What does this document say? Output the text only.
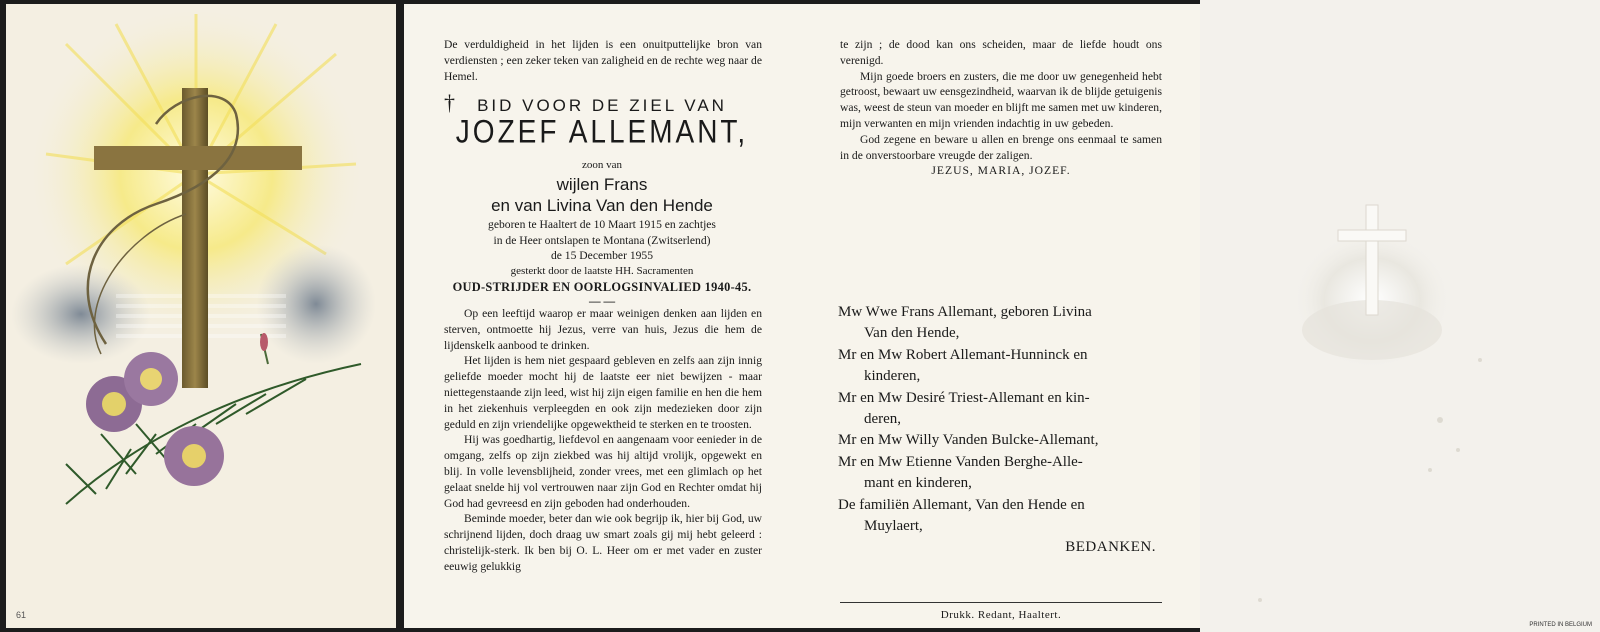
61

De verduldigheid in het lijden is een onuitputtelijke bron van verdiensten ; een zeker teken van zaligheid en de rechte weg naar de Hemel.

†	BID VOOR DE ZIEL VAN
JOZEF ALLEMANT,

zoon van

wijlen Frans

en van Livina Van den Hende

geboren te Haaltert de 10 Maart 1915 en zachtjes

in de Heer ontslapen te Montana (Zwitserlend)

de 15 December 1955

gesterkt door de laatste HH. Sacramenten

OUD-STRIJDER EN OORLOGSINVALIED 1940-45.

— —

Op een leeftijd waarop er maar weinigen denken aan lijden en sterven, ontmoette hij Jezus, verre van huis, Jezus die hem de lijdenskelk aanbood te drinken.

Het lijden is hem niet gespaard gebleven en zelfs aan zijn innig geliefde moeder mocht hij de laatste eer niet bewijzen - maar niettegenstaande zijn leed, wist hij zijn eigen familie en hen die hem in het ziekenhuis verpleegden en ook zijn medezieken door zijn geduld en zijn vriendelijke opgewektheid te sterken en te troosten.

Hij was goedhartig, liefdevol en aangenaam voor eenieder in de omgang, zelfs op zijn ziekbed was hij altijd vrolijk, opgewekt en blij. In volle levensblijheid, zonder vrees, met een glimlach op het gelaat snelde hij vol vertrouwen naar zijn God en Rechter omdat hij God had gevreesd en zijn geboden had onderhouden.

Beminde moeder, beter dan wie ook begrijp ik, hier bij God, uw schrijnend lijden, doch draag uw smart zoals gij mij hebt geleerd : christelijk-sterk. Ik ben bij O. L. Heer om er met vader en zuster eeuwig gelukkig

te zijn ; de dood kan ons scheiden, maar de liefde houdt ons verenigd.

Mijn goede broers en zusters, die me door uw genegenheid hebt getroost, bewaart uw eensgezindheid, waarvan ik de blijde getuigenis was, weest de steun van moeder en blijft me samen met uw kinderen, mijn verwanten en mijn vrienden indachtig in uw gebeden.

God zegene en beware u allen en brenge ons eenmaal te samen in de onverstoorbare vreugde der zaligen.

JEZUS, MARIA, JOZEF.

Mw Wwe Frans Allemant, geboren Livina

Van den Hende,

Mr en Mw Robert Allemant-Hunninck en

kinderen,

Mr en Mw Desiré Triest-Allemant en kin-

deren,

Mr en Mw Willy Vanden Bulcke-Allemant,

Mr en Mw Etienne Vanden Berghe-Alle-

mant en kinderen,

De familiën Allemant, Van den Hende en

Muylaert,

BEDANKEN.

Drukk. Redant, Haaltert.
PRINTED IN BELGIUM
